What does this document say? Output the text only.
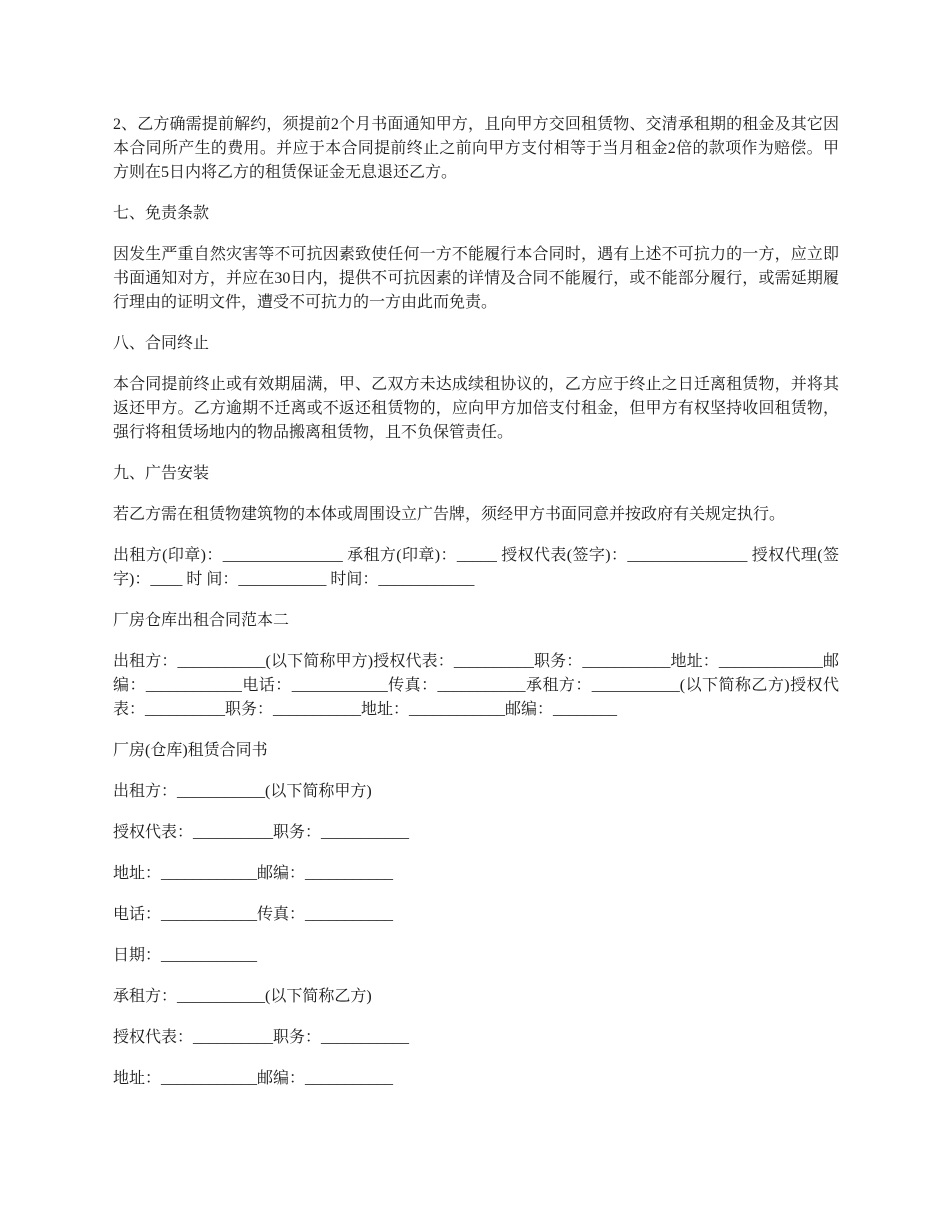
2、乙方确需提前解约，须提前2个月书面通知甲方，且向甲方交回租赁物、交清承租期的租金及其它因本合同所产生的费用。并应于本合同提前终止之前向甲方支付相等于当月租金2倍的款项作为赔偿。甲方则在5日内将乙方的租赁保证金无息退还乙方。

七、免责条款

因发生严重自然灾害等不可抗因素致使任何一方不能履行本合同时，遇有上述不可抗力的一方，应立即书面通知对方，并应在30日内，提供不可抗因素的详情及合同不能履行，或不能部分履行，或需延期履行理由的证明文件，遭受不可抗力的一方由此而免责。

八、合同终止

本合同提前终止或有效期届满，甲、乙双方未达成续租协议的，乙方应于终止之日迁离租赁物，并将其返还甲方。乙方逾期不迁离或不返还租赁物的，应向甲方加倍支付租金，但甲方有权坚持收回租赁物，强行将租赁场地内的物品搬离租赁物，且不负保管责任。

九、广告安装

若乙方需在租赁物建筑物的本体或周围设立广告牌，须经甲方书面同意并按政府有关规定执行。

出租方(印章)：_______________ 承租方(印章)：_____ 授权代表(签字)：_______________ 授权代理(签字)：____ 时 间：___________ 时间：____________

厂房仓库出租合同范本二

出租方：___________(以下简称甲方)授权代表：__________职务：___________地址：_____________邮编：____________电话：____________传真：___________承租方：___________(以下简称乙方)授权代表：__________职务：___________地址：____________邮编：________

厂房(仓库)租赁合同书

出租方：___________(以下简称甲方)

授权代表：__________职务：___________

地址：____________邮编：___________

电话：____________传真：___________

日期：____________

承租方：___________(以下简称乙方)

授权代表：__________职务：___________

地址：____________邮编：___________
